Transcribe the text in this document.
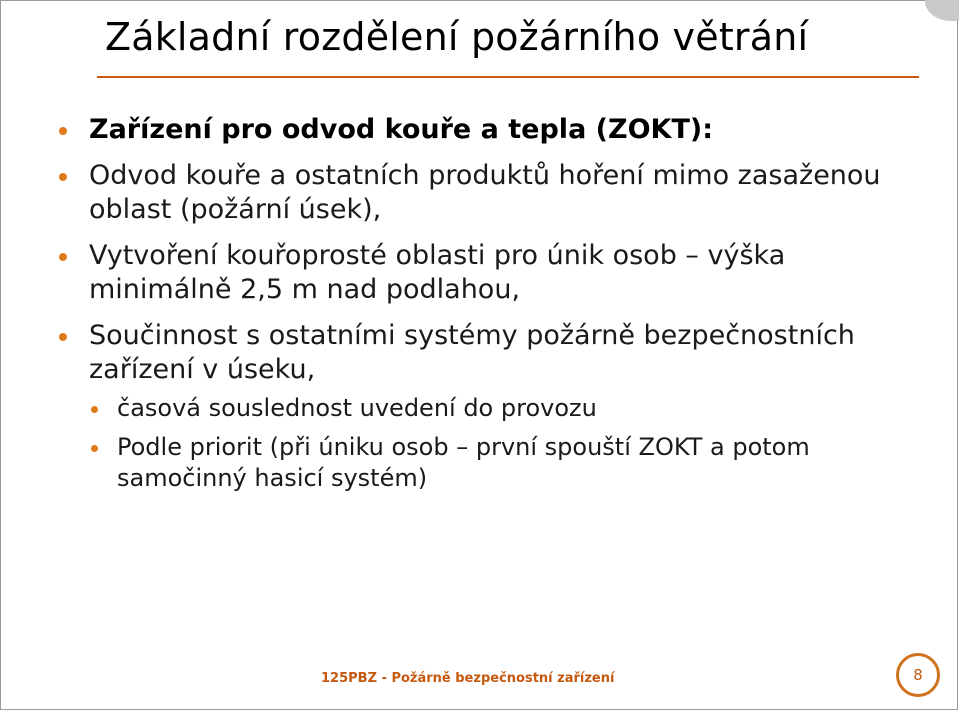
Základní rozdělení požárního větrání
Zařízení pro odvod kouře a tepla (ZOKT):
Odvod kouře a ostatních produktů hoření mimo zasaženou oblast (požární úsek),
Vytvoření kouřoprosté oblasti pro únik osob – výška minimálně 2,5 m nad podlahou,
Součinnost s ostatními systémy požárně bezpečnostních zařízení v úseku,
časová souslednost uvedení do provozu
Podle priorit (při úniku osob – první spouští ZOKT a potom samočinný hasicí systém)
125PBZ - Požárně bezpečnostní zařízení	8
